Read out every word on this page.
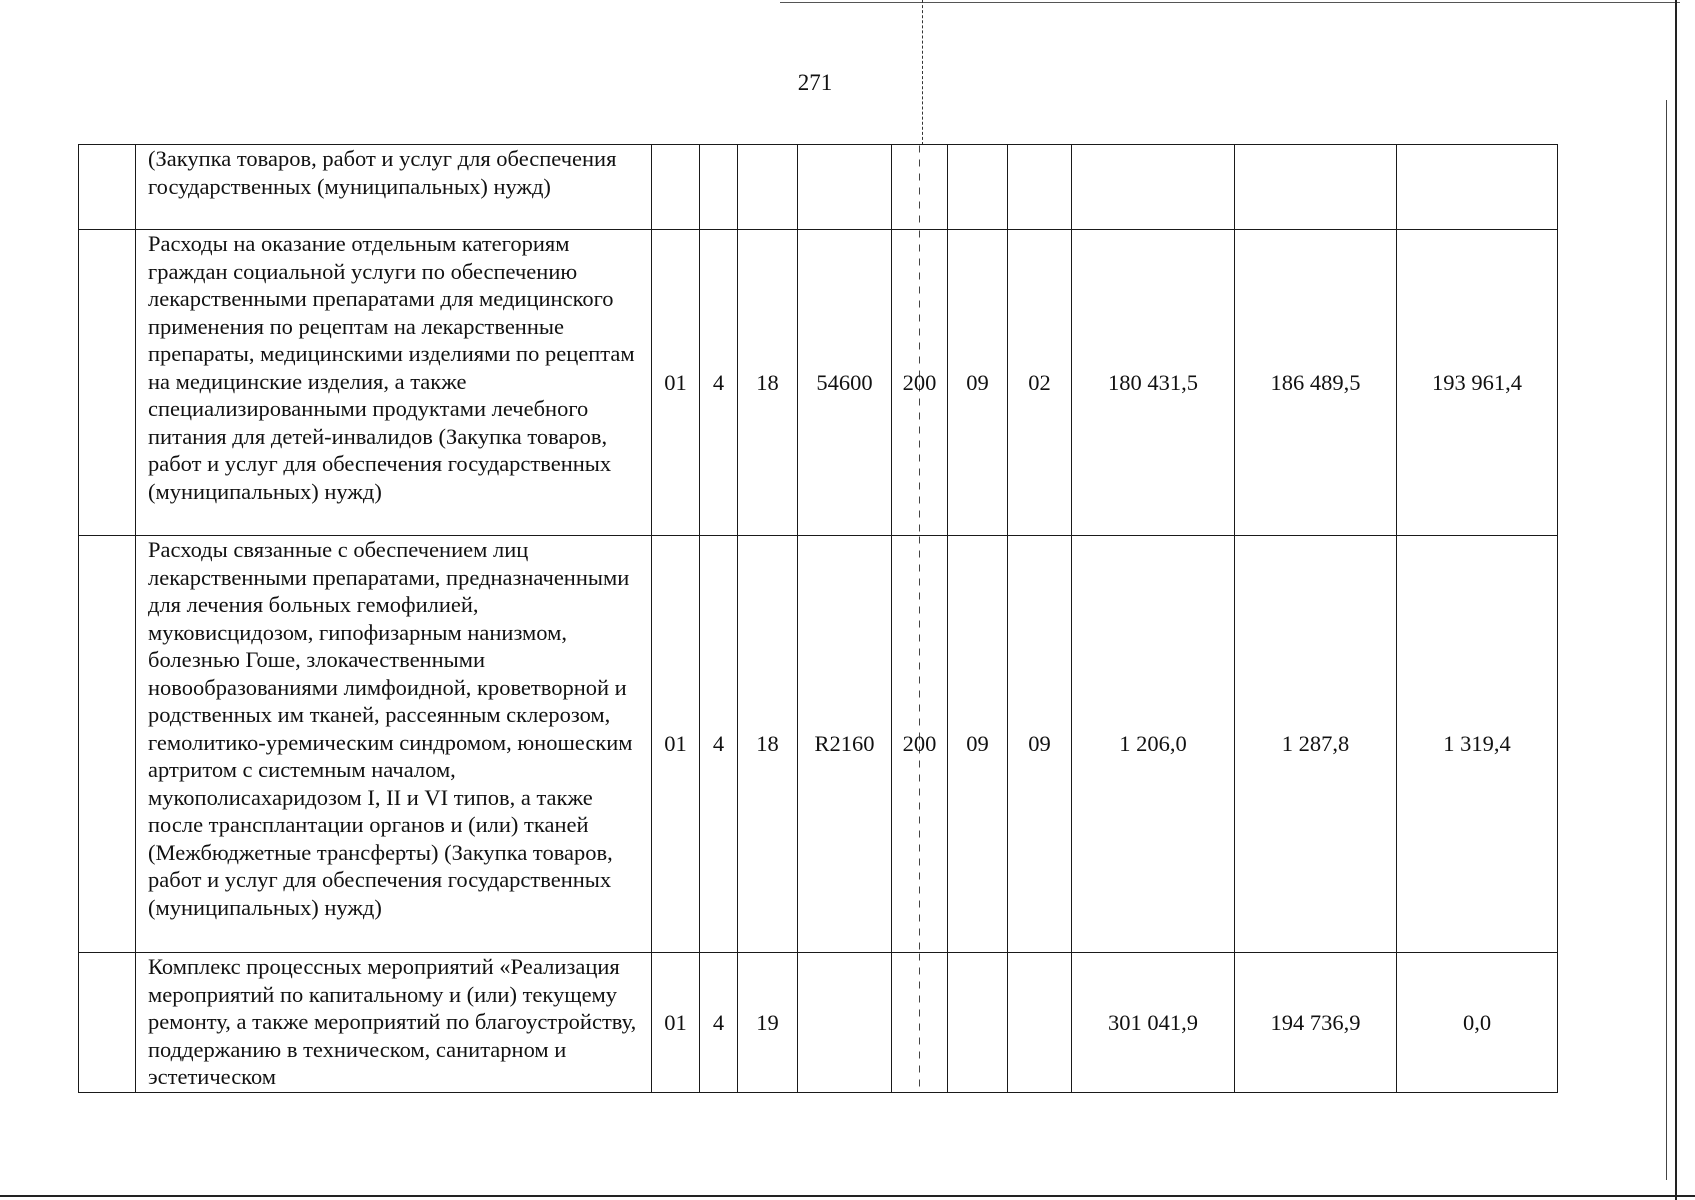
271
	(Закупка товаров, работ и услуг для обеспечения государственных (муниципальных) нужд)										
	Расходы на оказание отдельным категориям граждан социальной услуги по обеспечению лекарственными препаратами для медицинского применения по рецептам на лекарственные препараты, медицинскими изделиями по рецептам на медицинские изделия, а также специализированными продуктами лечебного питания для детей-инвалидов (Закупка товаров, работ и услуг для обеспечения государственных (муниципальных) нужд)	01	4	18	54600	200	09	02	180 431,5	186 489,5	193 961,4
	Расходы связанные с обеспечением лиц лекарственными препаратами, предназначенными для лечения больных гемофилией, муковисцидозом, гипофизарным нанизмом, болезнью Гоше, злокачественными новообразованиями лимфоидной, кроветворной и родственных им тканей, рассеянным склерозом, гемолитико-уремическим синдромом, юношеским артритом с системным началом, мукополисахаридозом I, II и VI типов, а также после трансплантации органов и (или) тканей (Межбюджетные трансферты) (Закупка товаров, работ и услуг для обеспечения государственных (муниципальных) нужд)	01	4	18	R2160	200	09	09	1 206,0	1 287,8	1 319,4
	Комплекс процессных мероприятий «Реализация мероприятий по капитальному и (или) текущему ремонту, а также мероприятий по благоустройству, поддержанию в техническом, санитарном и эстетическом	01	4	19					301 041,9	194 736,9	0,0
